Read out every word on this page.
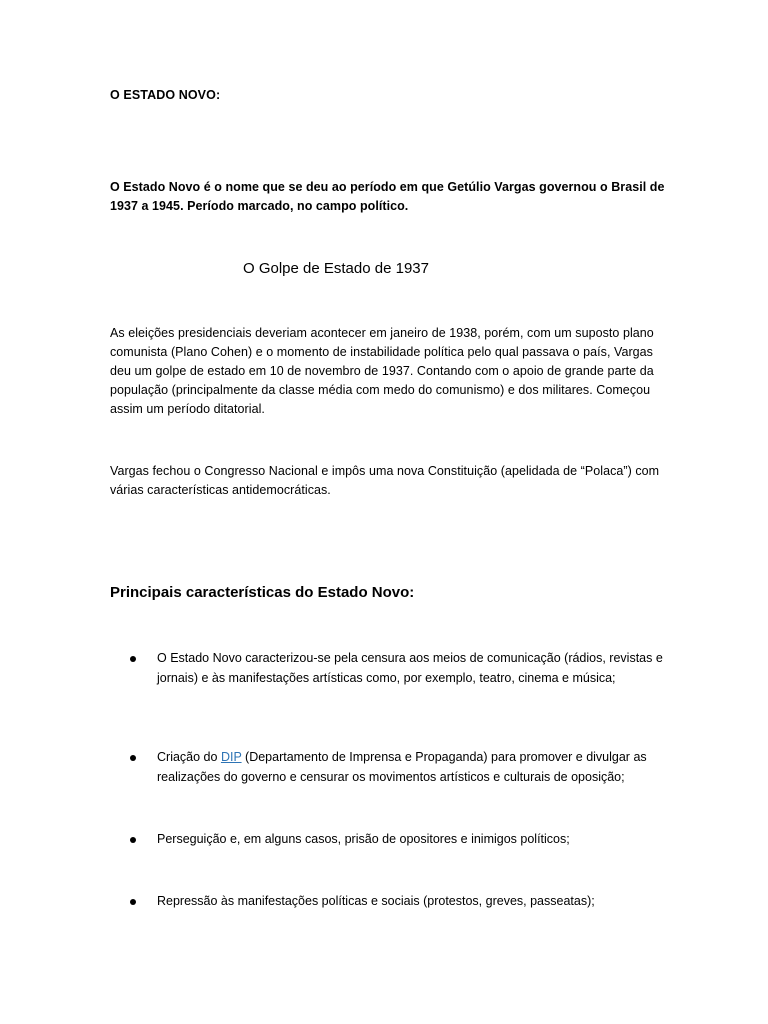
O ESTADO NOVO:

O Estado Novo é o nome que se deu ao período em que Getúlio Vargas governou o Brasil de 1937 a 1945. Período marcado, no campo político.

O Golpe de Estado de 1937

As eleições presidenciais deveriam acontecer em janeiro de 1938, porém, com um suposto plano comunista (Plano Cohen) e o momento de instabilidade política pelo qual passava o país, Vargas deu um golpe de estado em 10 de novembro de 1937. Contando com o apoio de grande parte da população (principalmente da classe média com medo do comunismo) e dos militares. Começou assim um período ditatorial.

Vargas fechou o Congresso Nacional e impôs uma nova Constituição (apelidada de “Polaca”) com várias características antidemocráticas.

Principais características do Estado Novo:
O Estado Novo caracterizou-se pela censura aos meios de comunicação (rádios, revistas e jornais) e às manifestações artísticas como, por exemplo, teatro, cinema e música;
Criação do DIP (Departamento de Imprensa e Propaganda) para promover e divulgar as realizações do governo e censurar os movimentos artísticos e culturais de oposição;
Perseguição e, em alguns casos, prisão de opositores e inimigos políticos;
Repressão às manifestações políticas e sociais (protestos, greves, passeatas);
